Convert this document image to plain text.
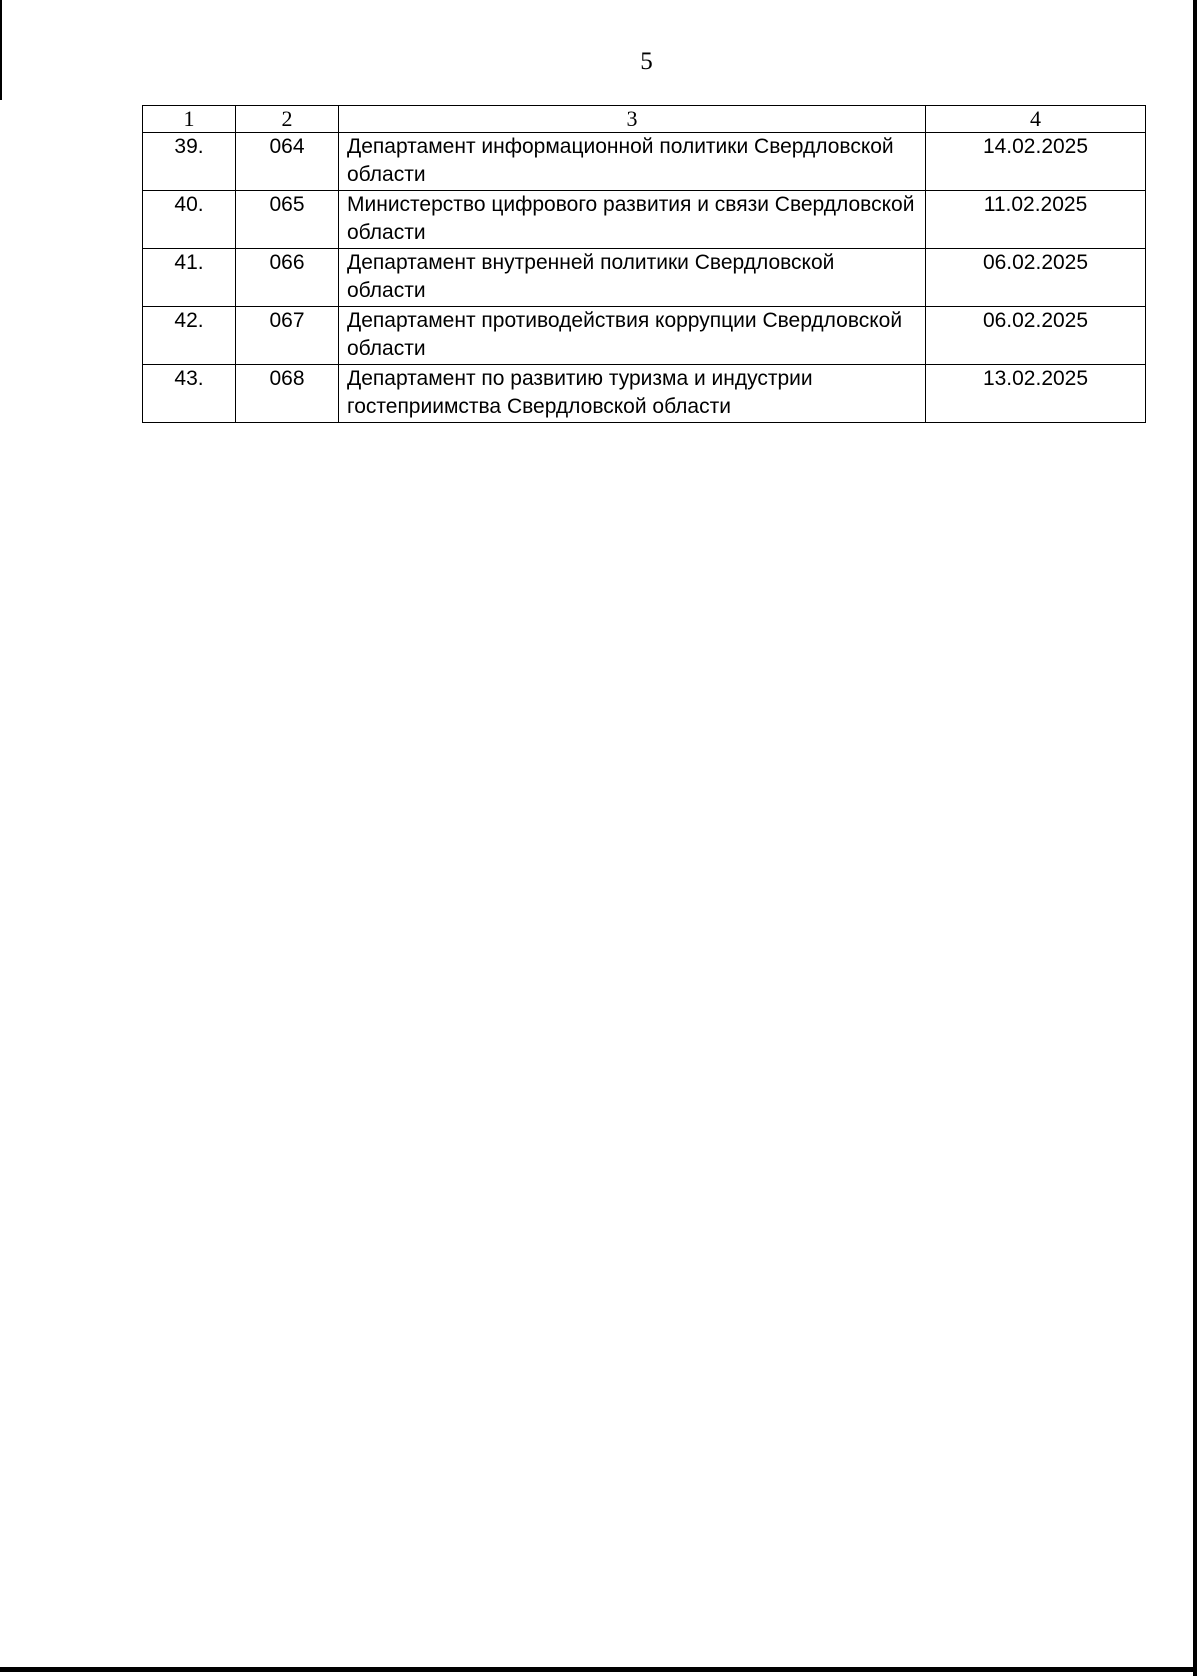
5
1	2	3	4
39.	064	Департамент информационной политики Свердловской области	14.02.2025
40.	065	Министерство цифрового развития и связи Свердловской области	11.02.2025
41.	066	Департамент внутренней политики Свердловской области	06.02.2025
42.	067	Департамент противодействия коррупции Свердловской области	06.02.2025
43.	068	Департамент по развитию туризма и индустрии гостеприимства Свердловской области	13.02.2025
